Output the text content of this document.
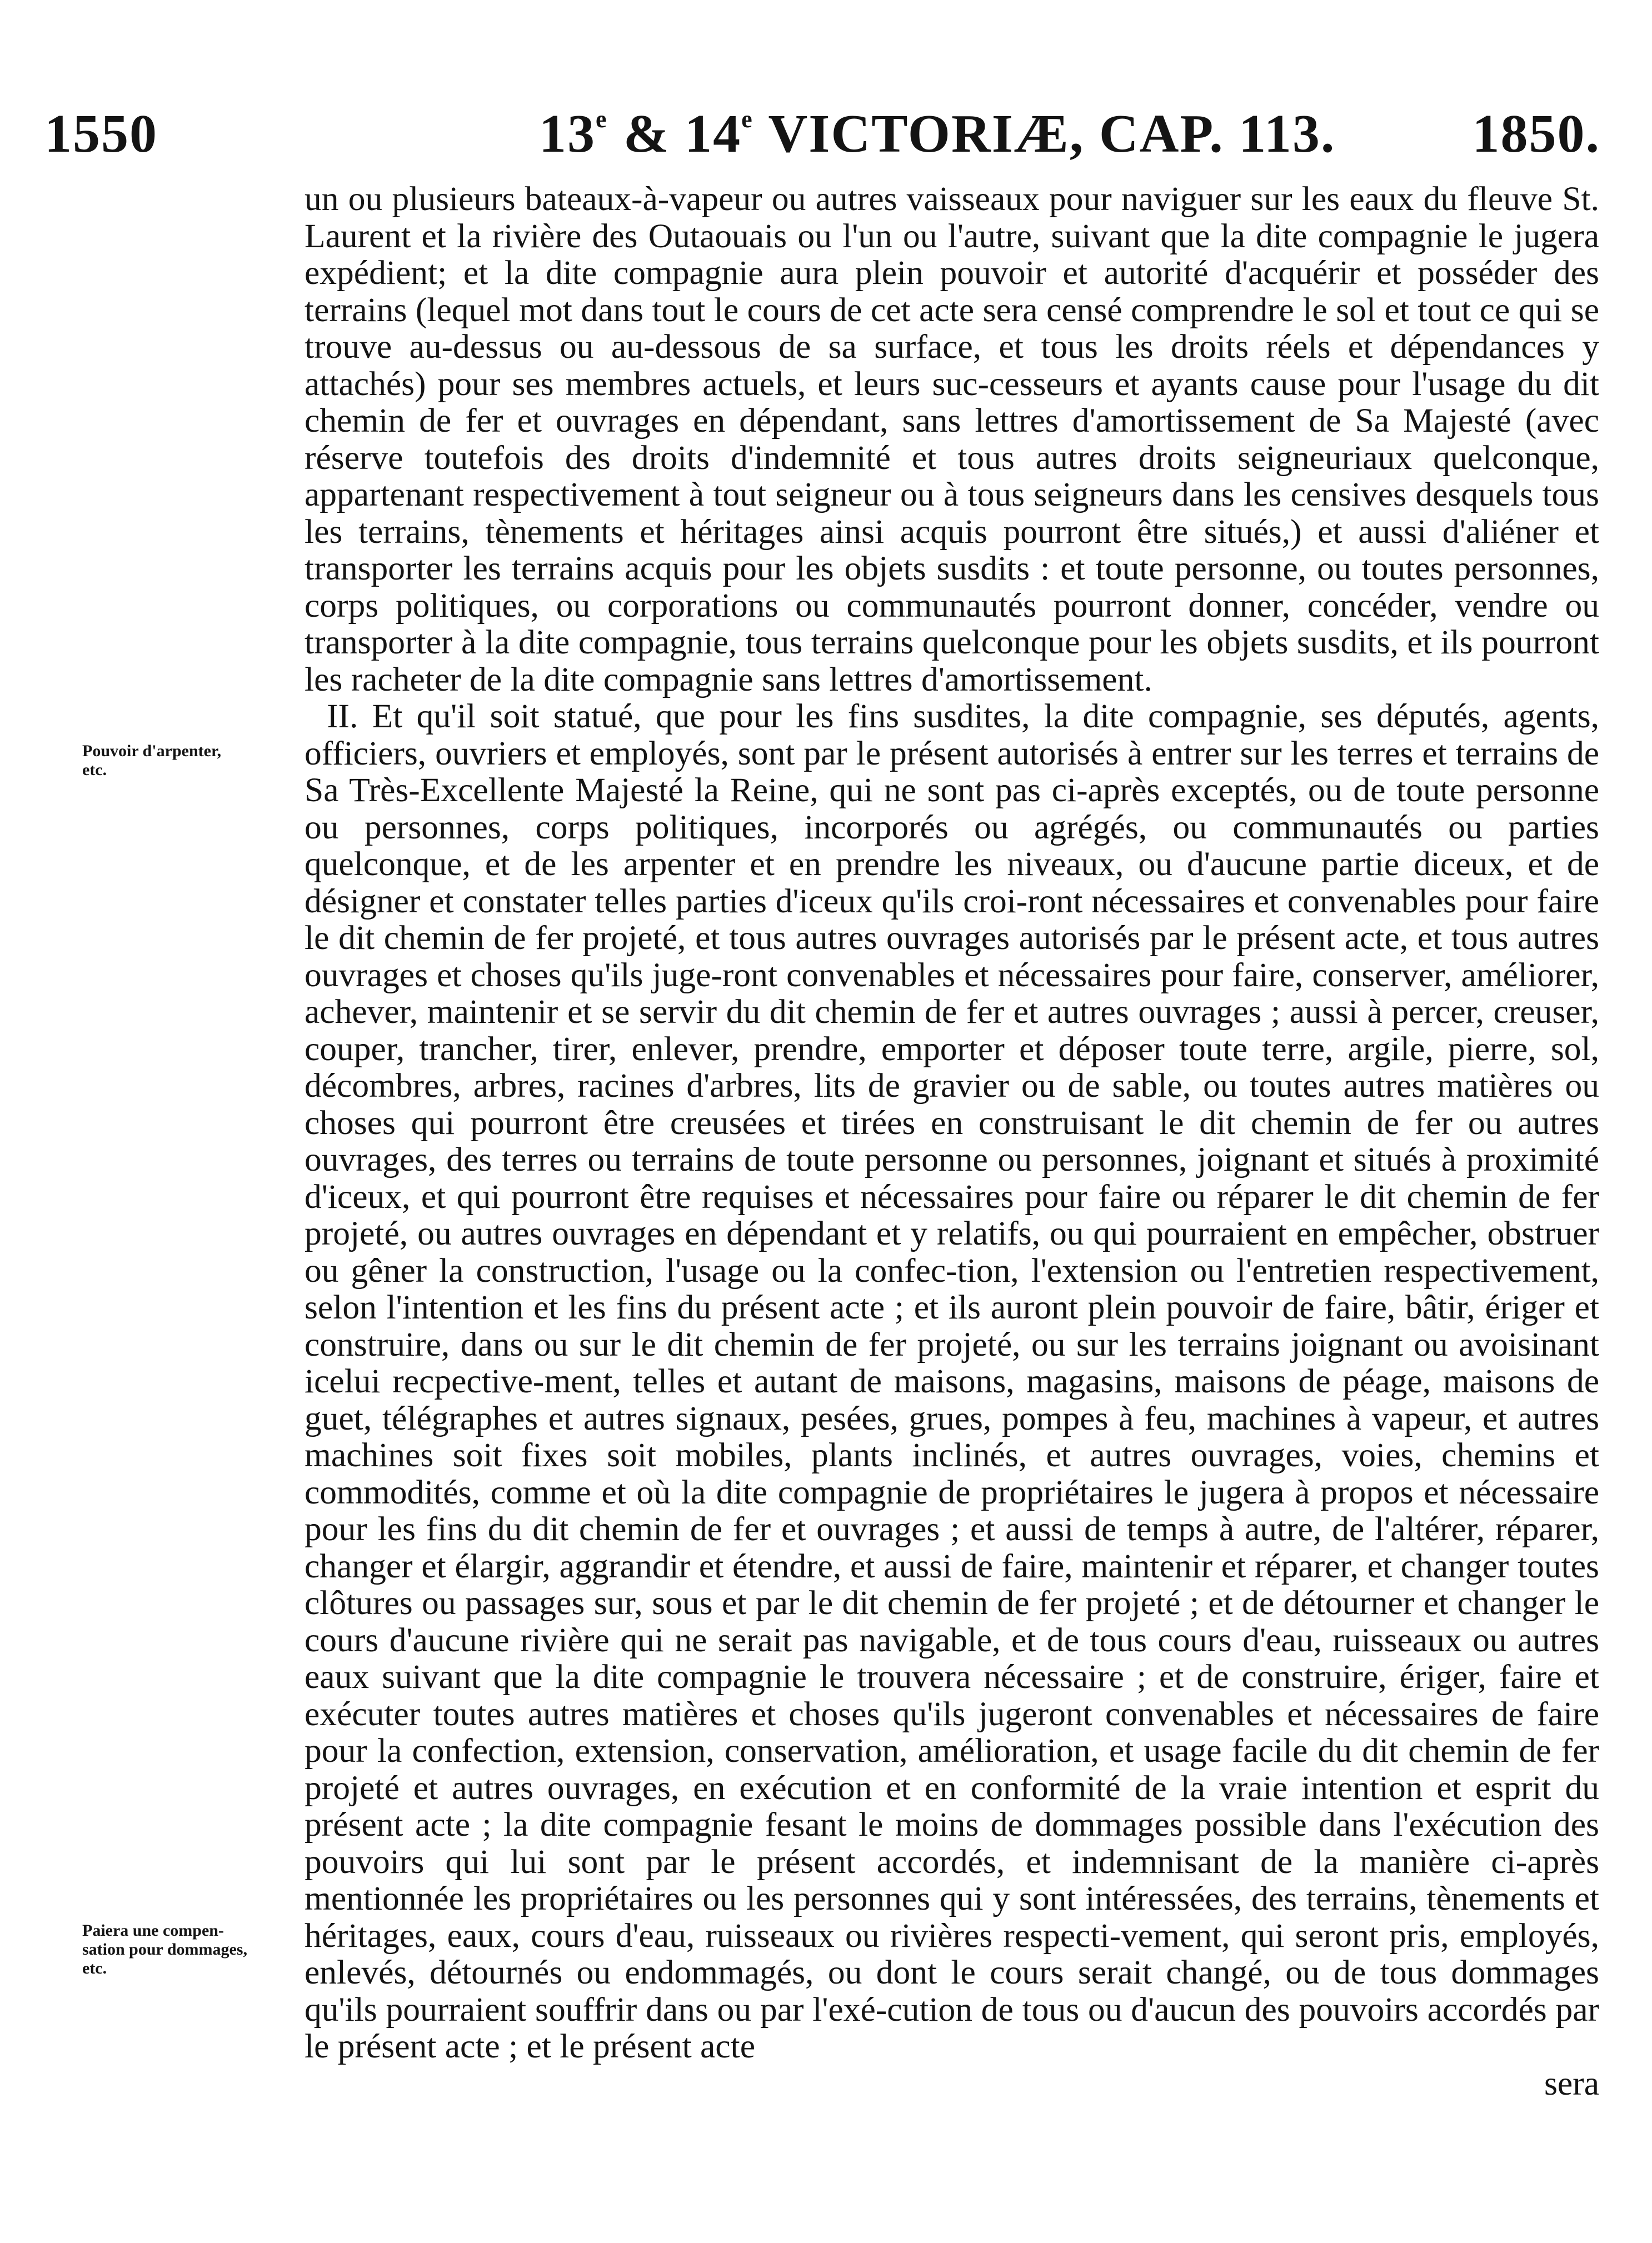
1550	13e & 14e VICTORIÆ, CAP. 113.	1850.
Pouvoir d'arpenter,
etc.
Paiera une compen-
sation pour dommages,
etc.

un ou plusieurs bateaux-à-vapeur ou autres vaisseaux pour naviguer sur les eaux du fleuve St. Laurent et la rivière des Outaouais ou l'un ou l'autre, suivant que la dite compagnie le jugera expédient; et la dite compagnie aura plein pouvoir et autorité d'acquérir et posséder des terrains (lequel mot dans tout le cours de cet acte sera censé comprendre le sol et tout ce qui se trouve au-dessus ou au-dessous de sa surface, et tous les droits réels et dépendances y attachés) pour ses membres actuels, et leurs suc-cesseurs et ayants cause pour l'usage du dit chemin de fer et ouvrages en dépendant, sans lettres d'amortissement de Sa Majesté (avec réserve toutefois des droits d'indemnité et tous autres droits seigneuriaux quelconque, appartenant respectivement à tout seigneur ou à tous seigneurs dans les censives desquels tous les terrains, tènements et héritages ainsi acquis pourront être situés,) et aussi d'aliéner et transporter les terrains acquis pour les objets susdits : et toute personne, ou toutes personnes, corps politiques, ou corporations ou communautés pourront donner, concéder, vendre ou transporter à la dite compagnie, tous terrains quelconque pour les objets susdits, et ils pourront les racheter de la dite compagnie sans lettres d'amortissement.

II. Et qu'il soit statué, que pour les fins susdites, la dite compagnie, ses députés, agents, officiers, ouvriers et employés, sont par le présent autorisés à entrer sur les terres et terrains de Sa Très-Excellente Majesté la Reine, qui ne sont pas ci-après exceptés, ou de toute personne ou personnes, corps politiques, incorporés ou agrégés, ou communautés ou parties quelconque, et de les arpenter et en prendre les niveaux, ou d'aucune partie diceux, et de désigner et constater telles parties d'iceux qu'ils croi-ront nécessaires et convenables pour faire le dit chemin de fer projeté, et tous autres ouvrages autorisés par le présent acte, et tous autres ouvrages et choses qu'ils juge-ront convenables et nécessaires pour faire, conserver, améliorer, achever, maintenir et se servir du dit chemin de fer et autres ouvrages ; aussi à percer, creuser, couper, trancher, tirer, enlever, prendre, emporter et déposer toute terre, argile, pierre, sol, décombres, arbres, racines d'arbres, lits de gravier ou de sable, ou toutes autres matières ou choses qui pourront être creusées et tirées en construisant le dit chemin de fer ou autres ouvrages, des terres ou terrains de toute personne ou personnes, joignant et situés à proximité d'iceux, et qui pourront être requises et nécessaires pour faire ou réparer le dit chemin de fer projeté, ou autres ouvrages en dépendant et y relatifs, ou qui pourraient en empêcher, obstruer ou gêner la construction, l'usage ou la confec-tion, l'extension ou l'entretien respectivement, selon l'intention et les fins du présent acte ; et ils auront plein pouvoir de faire, bâtir, ériger et construire, dans ou sur le dit chemin de fer projeté, ou sur les terrains joignant ou avoisinant icelui recpective-ment, telles et autant de maisons, magasins, maisons de péage, maisons de guet, télégraphes et autres signaux, pesées, grues, pompes à feu, machines à vapeur, et autres machines soit fixes soit mobiles, plants inclinés, et autres ouvrages, voies, chemins et commodités, comme et où la dite compagnie de propriétaires le jugera à propos et nécessaire pour les fins du dit chemin de fer et ouvrages ; et aussi de temps à autre, de l'altérer, réparer, changer et élargir, aggrandir et étendre, et aussi de faire, maintenir et réparer, et changer toutes clôtures ou passages sur, sous et par le dit chemin de fer projeté ; et de détourner et changer le cours d'aucune rivière qui ne serait pas navigable, et de tous cours d'eau, ruisseaux ou autres eaux suivant que la dite compagnie le trouvera nécessaire ; et de construire, ériger, faire et exécuter toutes autres matières et choses qu'ils jugeront convenables et nécessaires de faire pour la confection, extension, conservation, amélioration, et usage facile du dit chemin de fer projeté et autres ouvrages, en exécution et en conformité de la vraie intention et esprit du présent acte ; la dite compagnie fesant le moins de dommages possible dans l'exécution des pouvoirs qui lui sont par le présent accordés, et indemnisant de la manière ci-après mentionnée les propriétaires ou les personnes qui y sont intéressées, des terrains, tènements et héritages, eaux, cours d'eau, ruisseaux ou rivières respecti-vement, qui seront pris, employés, enlevés, détournés ou endommagés, ou dont le cours serait changé, ou de tous dommages qu'ils pourraient souffrir dans ou par l'exé-cution de tous ou d'aucun des pouvoirs accordés par le présent acte ; et le présent acte

sera
